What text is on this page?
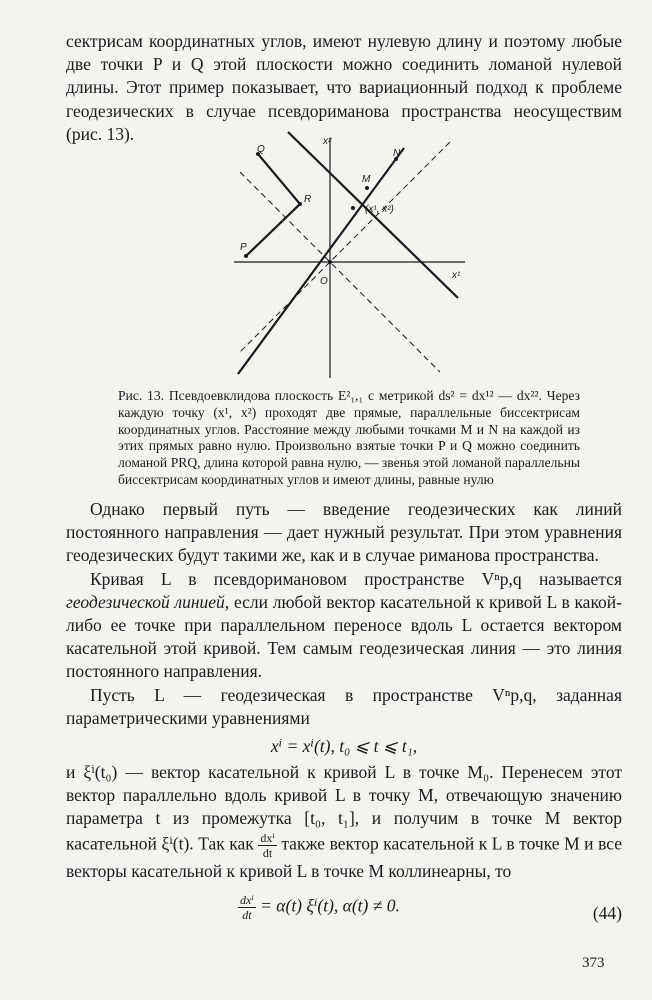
сектрисам координатных углов, имеют нулевую длину и поэтому любые две точки P и Q этой плоскости можно соединить ломаной нулевой длины. Этот пример показывает, что вариационный подход к проблеме геодезических в случае псевдориманова пространства неосуществим (рис. 13).

Q
R
P
M
N
O
x²
x¹
(x¹, x²)

Рис. 13. Псевдоевклидова плоскость E²₁,₁ с метрикой ds² = dx¹² — dx²². Через каждую точку (x¹, x²) проходят две прямые, параллельные биссектрисам координатных углов. Расстояние между любыми точками M и N на каждой из этих прямых равно нулю. Произвольно взятые точки P и Q можно соединить ломаной PRQ, длина которой равна нулю, — звенья этой ломаной параллельны биссектрисам координатных углов и имеют длины, равные нулю

Однако первый путь — введение геодезических как линий постоянного направления — дает нужный результат. При этом уравнения геодезических будут такими же, как и в случае риманова пространства.

Кривая L в псевдоримановом пространстве Vⁿp,q называется геодезической линией, если любой вектор касательной к кривой L в какой-либо ее точке при параллельном переносе вдоль L остается вектором касательной этой кривой. Тем самым геодезическая линия — это линия постоянного направления.

Пусть L — геодезическая в пространстве Vⁿp,q, заданная параметрическими уравнениями

xⁱ = xⁱ(t), t₀ ⩽ t ⩽ t₁,

и ξⁱ(t₀) — вектор касательной к кривой L в точке M₀. Перенесем этот вектор параллельно вдоль кривой L в точку M, отвечающую значению параметра t из промежутка [t₀, t₁], и получим в точке M вектор касательной ξⁱ(t). Так как $\frac{\text{dxⁱ}}{dt}$ также вектор касательной к L в точке M и все векторы касательной к кривой L в точке M коллинеарны, то

$\frac{\text{dxⁱ}}{dt} = \alpha(t)$ ξⁱ(t), α(t) ≠ 0.	(44)
373
